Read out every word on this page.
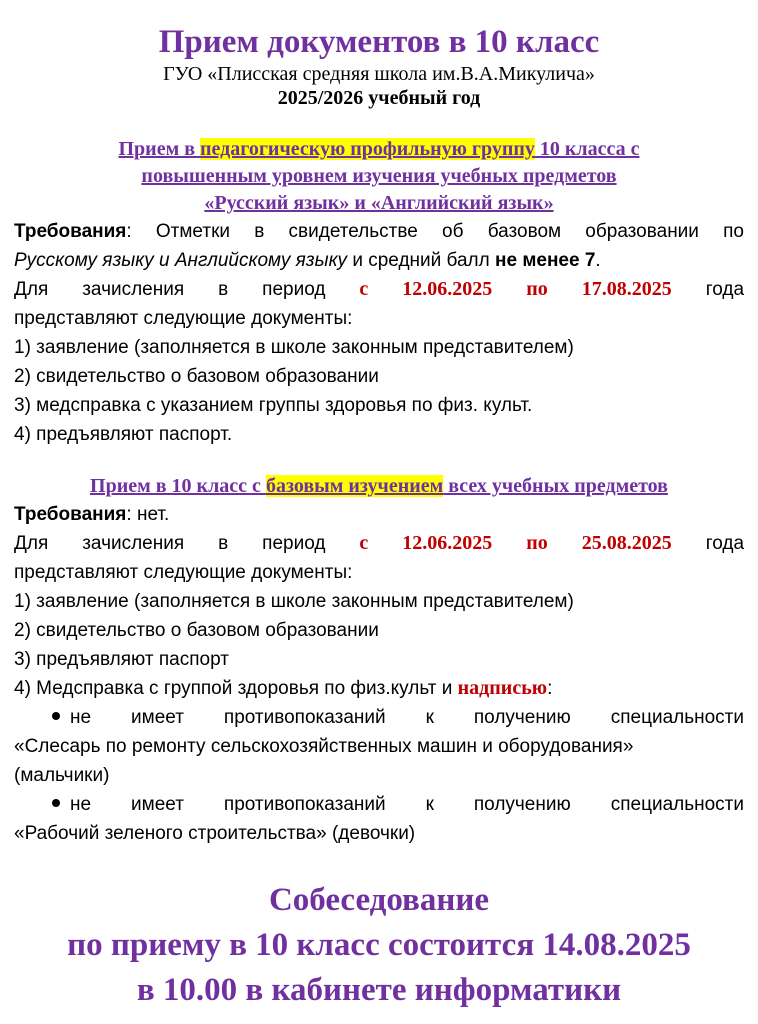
Прием документов в 10 класс
ГУО «Плисская средняя школа им.В.А.Микулича»
2025/2026 учебный год
Прием в педагогическую профильную группу 10 класса с
повышенным уровнем изучения учебных предметов
«Русский язык» и «Английский язык»
Требования: Отметки в свидетельстве об базовом образовании по
Русскому языку и Английскому языку и средний балл не менее 7.
Для зачисления в период с 12.06.2025 по 17.08.2025 года
представляют следующие документы:
1) заявление (заполняется в школе законным представителем)
2) свидетельство о базовом образовании
3) медсправка с указанием группы здоровья по физ. культ.
4) предъявляют паспорт.
Прием в 10 класс с базовым изучением всех учебных предметов
Требования: нет.
Для зачисления в период с 12.06.2025 по 25.08.2025 года
представляют следующие документы:
1) заявление (заполняется в школе законным представителем)
2) свидетельство о базовом образовании
3) предъявляют паспорт
4) Медсправка с группой здоровья по физ.культ и надписью:
не имеет противопоказаний к получению специальности
«Слесарь по ремонту сельскохозяйственных машин и оборудования»
(мальчики)
не имеет противопоказаний к получению специальности
«Рабочий зеленого строительства» (девочки)
Собеседование
по приему в 10 класс состоится 14.08.2025
в 10.00 в кабинете информатики
